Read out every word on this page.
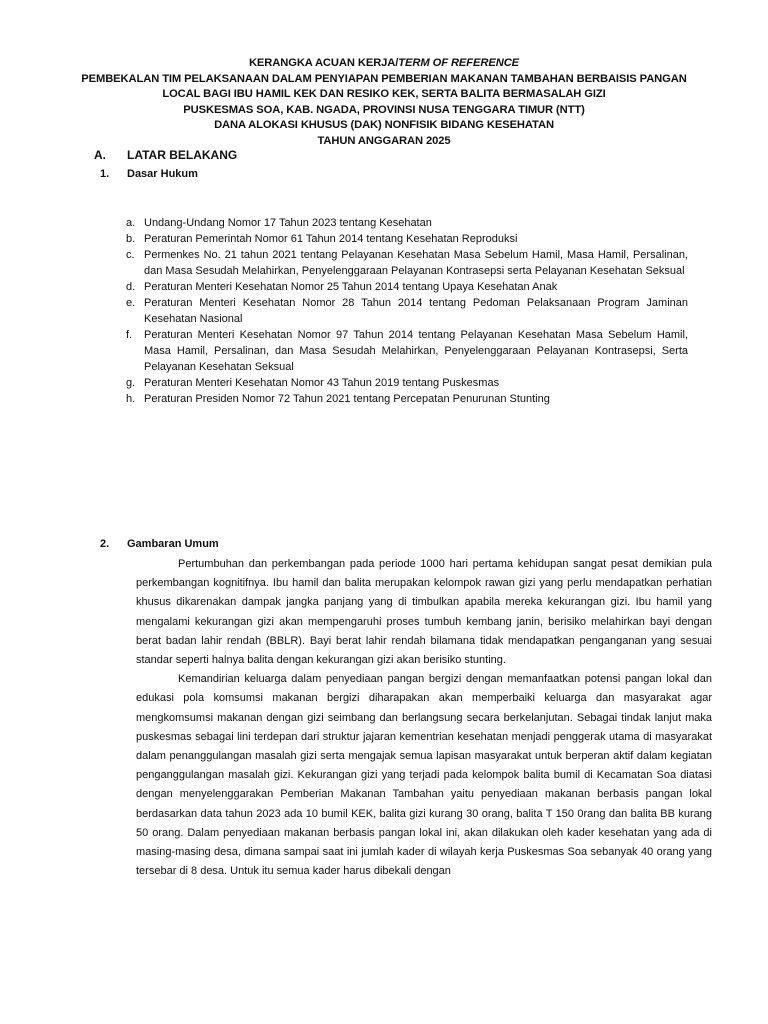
KERANGKA ACUAN KERJA/TERM OF REFERENCE

PEMBEKALAN TIM PELAKSANAAN DALAM PENYIAPAN PEMBERIAN MAKANAN TAMBAHAN BERBAISIS PANGAN

LOCAL BAGI IBU HAMIL KEK DAN RESIKO KEK, SERTA BALITA BERMASALAH GIZI

PUSKESMAS SOA, KAB. NGADA, PROVINSI NUSA TENGGARA TIMUR (NTT)

DANA ALOKASI KHUSUS (DAK) NONFISIK BIDANG KESEHATAN

TAHUN ANGGARAN 2025

A. LATAR BELAKANG
1. Dasar Hukum
a. Undang-Undang Nomor 17 Tahun 2023 tentang Kesehatan
b. Peraturan Pemerintah Nomor 61 Tahun 2014 tentang Kesehatan Reproduksi
c. Permenkes No. 21 tahun 2021 tentang Pelayanan Kesehatan Masa Sebelum Hamil, Masa Hamil, Persalinan, dan Masa Sesudah Melahirkan, Penyelenggaraan Pelayanan Kontrasepsi serta Pelayanan Kesehatan Seksual
d. Peraturan Menteri Kesehatan Nomor 25 Tahun 2014 tentang Upaya Kesehatan Anak
e. Peraturan Menteri Kesehatan Nomor 28 Tahun 2014 tentang Pedoman Pelaksanaan Program Jaminan Kesehatan Nasional
f.	Peraturan Menteri Kesehatan Nomor 97 Tahun 2014 tentang Pelayanan Kesehatan Masa Sebelum Hamil, Masa Hamil, Persalinan, dan Masa Sesudah Melahirkan, Penyelenggaraan Pelayanan Kontrasepsi, Serta Pelayanan Kesehatan Seksual
g. Peraturan Menteri Kesehatan Nomor 43 Tahun 2019 tentang Puskesmas
h. Peraturan Presiden Nomor 72 Tahun 2021 tentang Percepatan Penurunan Stunting
2. Gambaran Umum

Pertumbuhan dan perkembangan pada periode 1000 hari pertama kehidupan sangat pesat demikian pula perkembangan kognitifnya. Ibu hamil dan balita merupakan kelompok rawan gizi yang perlu mendapatkan perhatian khusus dikarenakan dampak jangka panjang yang di timbulkan apabila mereka kekurangan gizi. Ibu hamil yang mengalami kekurangan gizi akan mempengaruhi proses tumbuh kembang janin, berisiko melahirkan bayi dengan berat badan lahir rendah (BBLR). Bayi berat lahir rendah bilamana tidak mendapatkan penganganan yang sesuai standar seperti halnya balita dengan kekurangan gizi akan berisiko stunting.

Kemandirian keluarga dalam penyediaan pangan bergizi dengan memanfaatkan potensi pangan lokal dan edukasi pola komsumsi makanan bergizi diharapakan akan memperbaiki keluarga dan masyarakat agar mengkomsumsi makanan dengan gizi seimbang dan berlangsung secara berkelanjutan. Sebagai tindak lanjut maka puskesmas sebagai lini terdepan dari struktur jajaran kementrian kesehatan menjadi penggerak utama di masyarakat dalam penanggulangan masalah gizi serta mengajak semua lapisan masyarakat untuk berperan aktif dalam kegiatan penganggulangan masalah gizi. Kekurangan gizi yang terjadi pada kelompok balita bumil di Kecamatan Soa diatasi dengan menyelenggarakan Pemberian Makanan Tambahan yaitu penyediaan makanan berbasis pangan lokal berdasarkan data tahun 2023 ada 10 bumil KEK, balita gizi kurang 30 orang, balita T 150 0rang dan balita BB kurang 50 orang. Dalam penyediaan makanan berbasis pangan lokal ini, akan dilakukan oleh kader kesehatan yang ada di masing-masing desa, dimana sampai saat ini jumlah kader di wilayah kerja Puskesmas Soa sebanyak 40 orang yang tersebar di 8 desa. Untuk itu semua kader harus dibekali dengan
